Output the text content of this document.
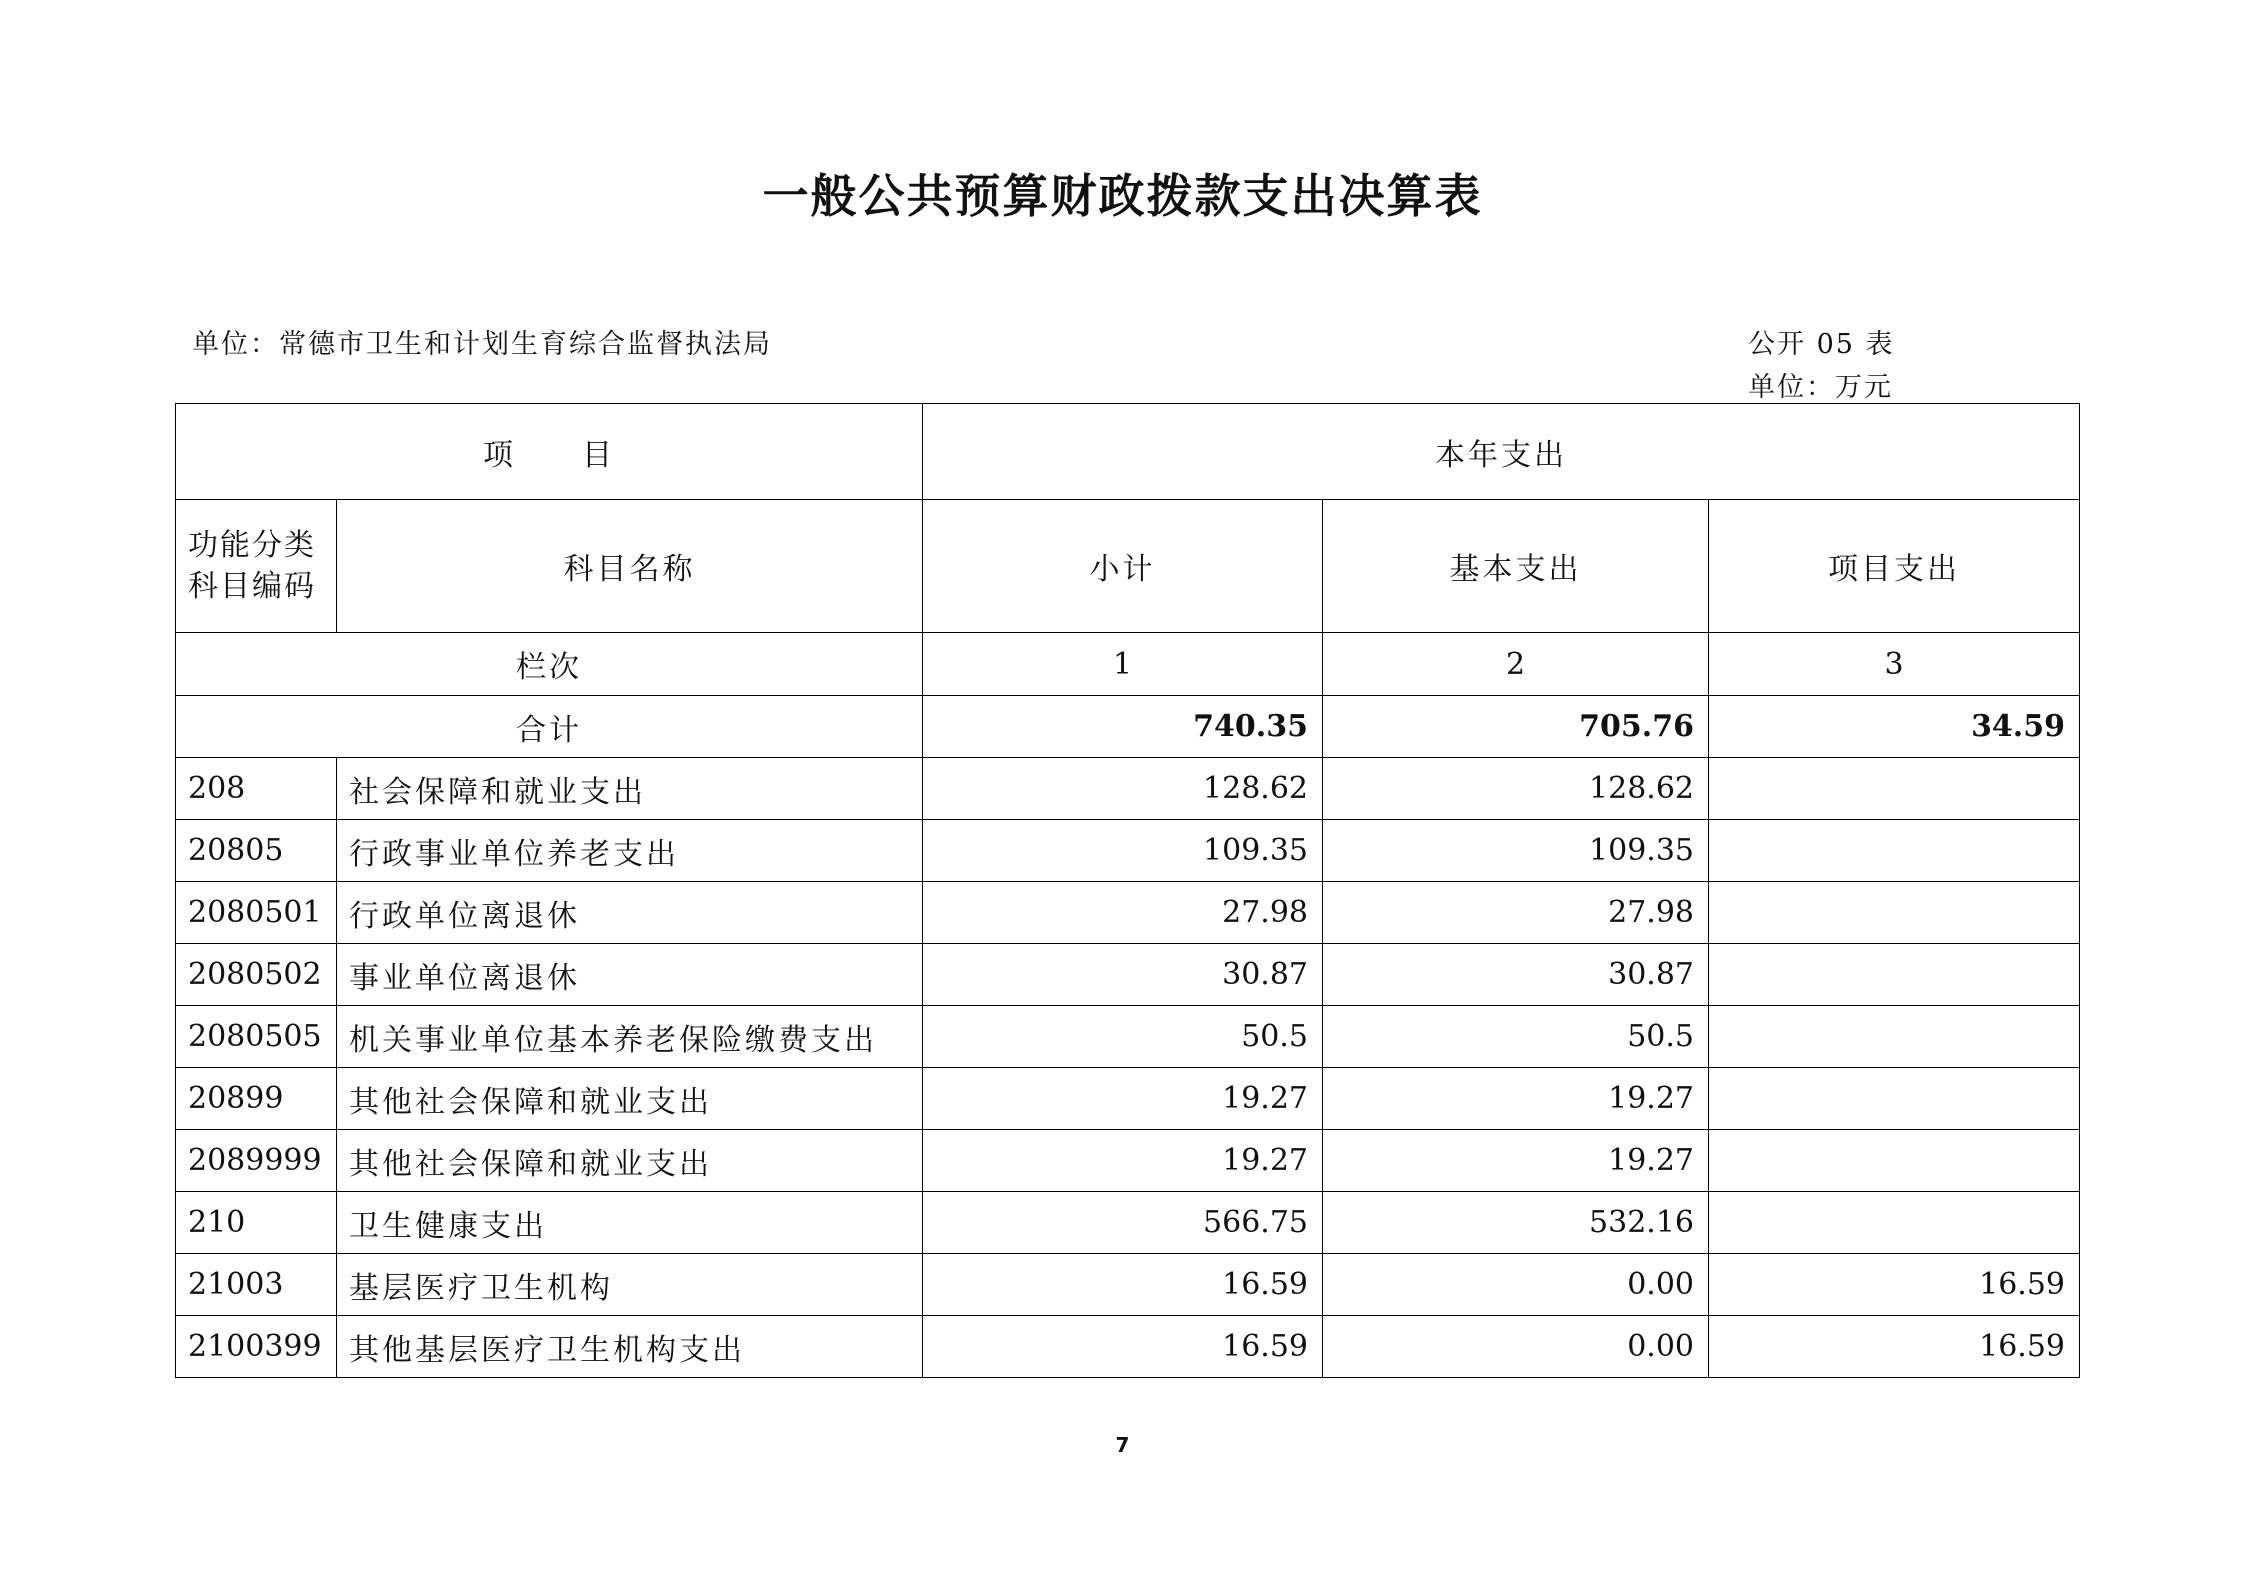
一般公共预算财政拨款支出决算表
单位：常德市卫生和计划生育综合监督执法局	公开 05 表
单位：万元
项　　目		本年支出		
功能分类科目编码	科目名称	小计	基本支出	项目支出
栏次		1	2	3
合计		740.35	705.76	34.59
208	社会保障和就业支出	128.62	128.62	
20805	行政事业单位养老支出	109.35	109.35	
2080501	行政单位离退休	27.98	27.98	
2080502	事业单位离退休	30.87	30.87	
2080505	机关事业单位基本养老保险缴费支出	50.5	50.5	
20899	其他社会保障和就业支出	19.27	19.27	
2089999	其他社会保障和就业支出	19.27	19.27	
210	卫生健康支出	566.75	532.16	
21003	基层医疗卫生机构	16.59	0.00	16.59
2100399	其他基层医疗卫生机构支出	16.59	0.00	16.59
7
